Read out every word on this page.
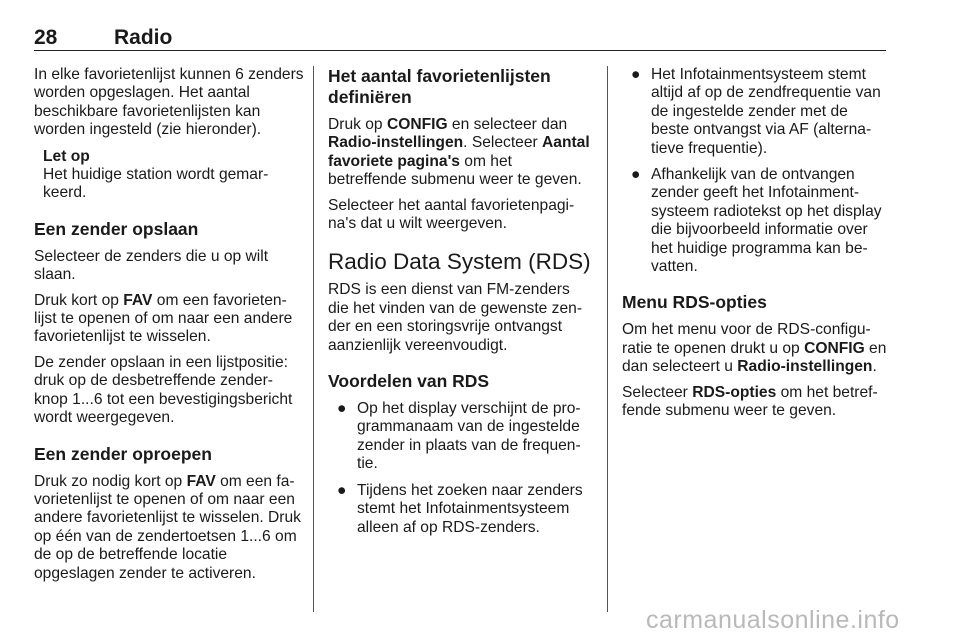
28	Radio

In elke favorietenlijst kunnen 6 zenders worden opgeslagen. Het aantal beschikbare favorietenlijsten kan worden ingesteld (zie hieronder).

Let op
Het huidige station wordt gemar-keerd.
Een zender opslaan

Selecteer de zenders die u op wilt slaan.

Druk kort op FAV om een favorieten-lijst te openen of om naar een andere favorietenlijst te wisselen.

De zender opslaan in een lijstpositie: druk op de desbetreffende zender-knop 1...6 tot een bevestigingsbericht wordt weergegeven.

Een zender oproepen

Druk zo nodig kort op FAV om een fa-vorietenlijst te openen of om naar een andere favorietenlijst te wisselen. Druk op één van de zendertoetsen 1...6 om de op de betreffende locatie opgeslagen zender te activeren.

Het aantal favorietenlijsten definiëren

Druk op CONFIG en selecteer dan Radio-instellingen. Selecteer Aantal favoriete pagina's om het betreffende submenu weer te geven.

Selecteer het aantal favorietenpagi-na's dat u wilt weergeven.

Radio Data System (RDS)

RDS is een dienst van FM-zenders die het vinden van de gewenste zen-der en een storingsvrije ontvangst aanzienlijk vereenvoudigt.

Voordelen van RDS
● Op het display verschijnt de pro-grammanaam van de ingestelde zender in plaats van de frequen-tie.
● Tijdens het zoeken naar zenders stemt het Infotainmentsysteem alleen af op RDS-zenders.
● Het Infotainmentsysteem stemt altijd af op de zendfrequentie van de ingestelde zender met de beste ontvangst via AF (alterna-tieve frequentie).
● Afhankelijk van de ontvangen zender geeft het Infotainment-systeem radiotekst op het display die bijvoorbeeld informatie over het huidige programma kan be-vatten.
Menu RDS-opties

Om het menu voor de RDS-configu-ratie te openen drukt u op CONFIG en dan selecteert u Radio-instellingen.

Selecteer RDS-opties om het betref-fende submenu weer te geven.

carmanualsonline.info
